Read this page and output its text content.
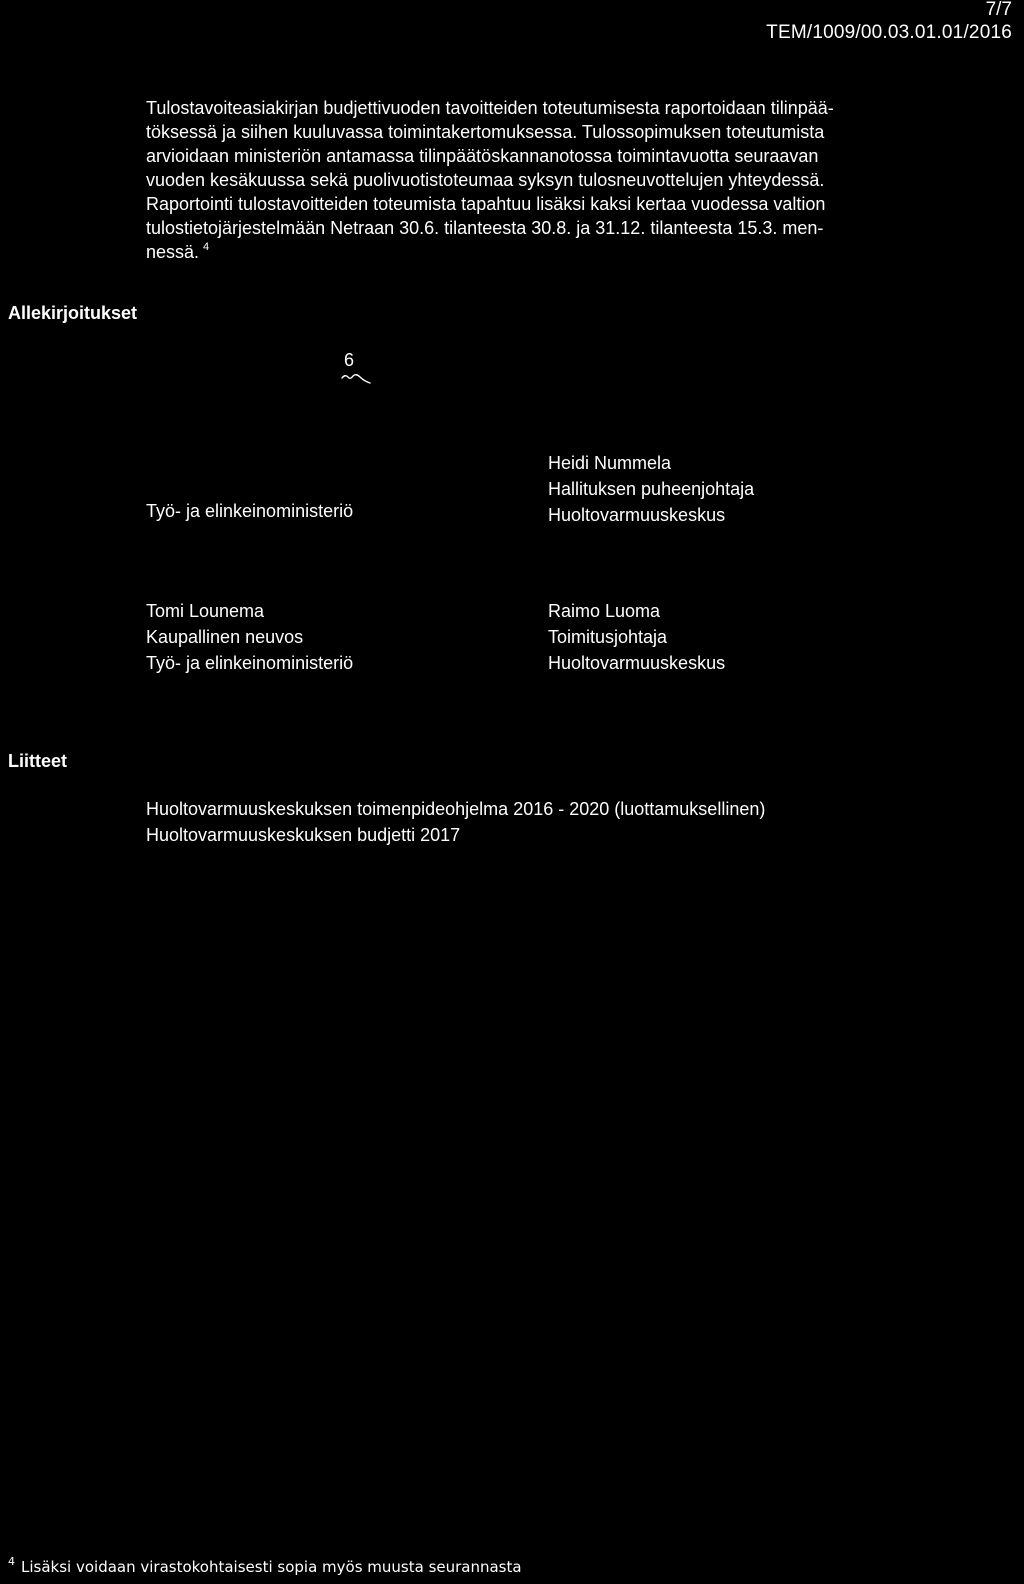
7/7
TEM/1009/00.03.01.01/2016

Tulostavoiteasiakirjan budjettivuoden tavoitteiden toteutumisesta raportoidaan tilinpää-
töksessä ja siihen kuuluvassa toimintakertomuksessa. Tulossopimuksen toteutumista
arvioidaan ministeriön antamassa tilinpäätöskannanotossa toimintavuotta seuraavan
vuoden kesäkuussa sekä puolivuotistoteumaa syksyn tulosneuvottelujen yhteydessä.
Raportointi tulostavoitteiden toteumista tapahtuu lisäksi kaksi kertaa vuodessa valtion
tulostietojärjestelmään Netraan 30.6. tilanteesta 30.8. ja 31.12. tilanteesta 15.3. men-
nessä. $^4$

Allekirjoitukset
6
Työ- ja elinkeinoministeriö
Heidi Nummela
Hallituksen puheenjohtaja
Huoltovarmuuskeskus
Tomi Lounema
Kaupallinen neuvos
Työ- ja elinkeinoministeriö
Raimo Luoma
Toimitusjohtaja
Huoltovarmuuskeskus
Liitteet
Huoltovarmuuskeskuksen toimenpideohjelma 2016 - 2020 (luottamuksellinen)
Huoltovarmuuskeskuksen budjetti 2017
$^4$ Lisäksi voidaan virastokohtaisesti sopia myös muusta seurannasta
